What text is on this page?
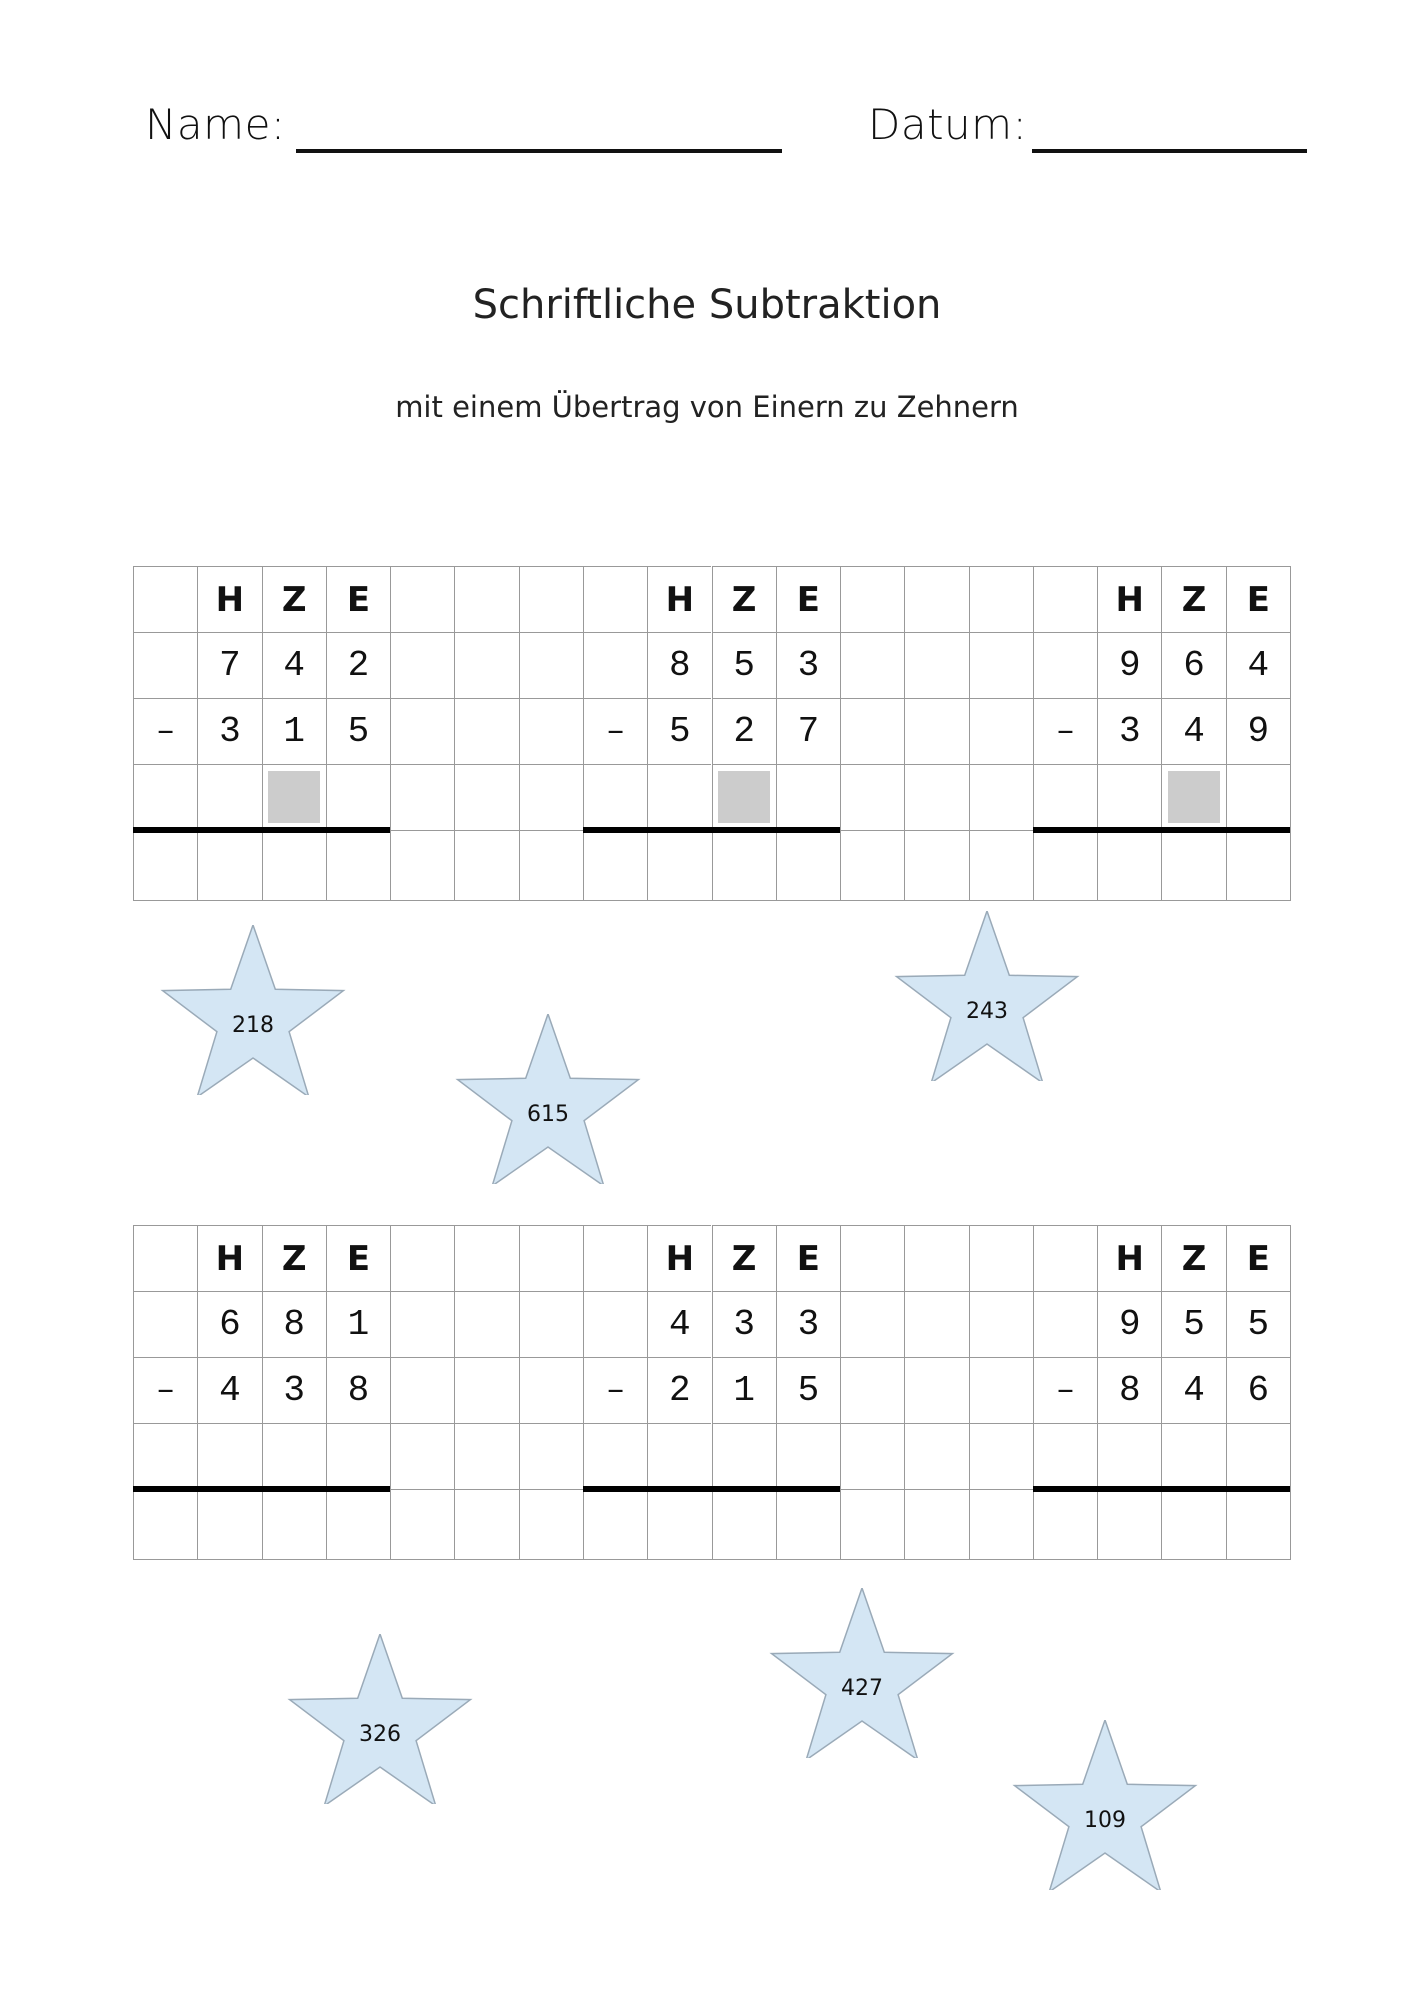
Name:	Datum:
Schriftliche Subtraktion
mit einem Übertrag von Einern zu Zehnern
H	Z	E	H	Z	E	H	Z	E
7	4	2	8	5	3	9	6	4
–	3	1	5	–	5	2	7	–	3	4	9
H	Z	E	H	Z	E	H	Z	E
6	8	1	4	3	3	9	5	5
–	4	3	8	–	2	1	5	–	8	4	6
218
615
243
326
427
109
